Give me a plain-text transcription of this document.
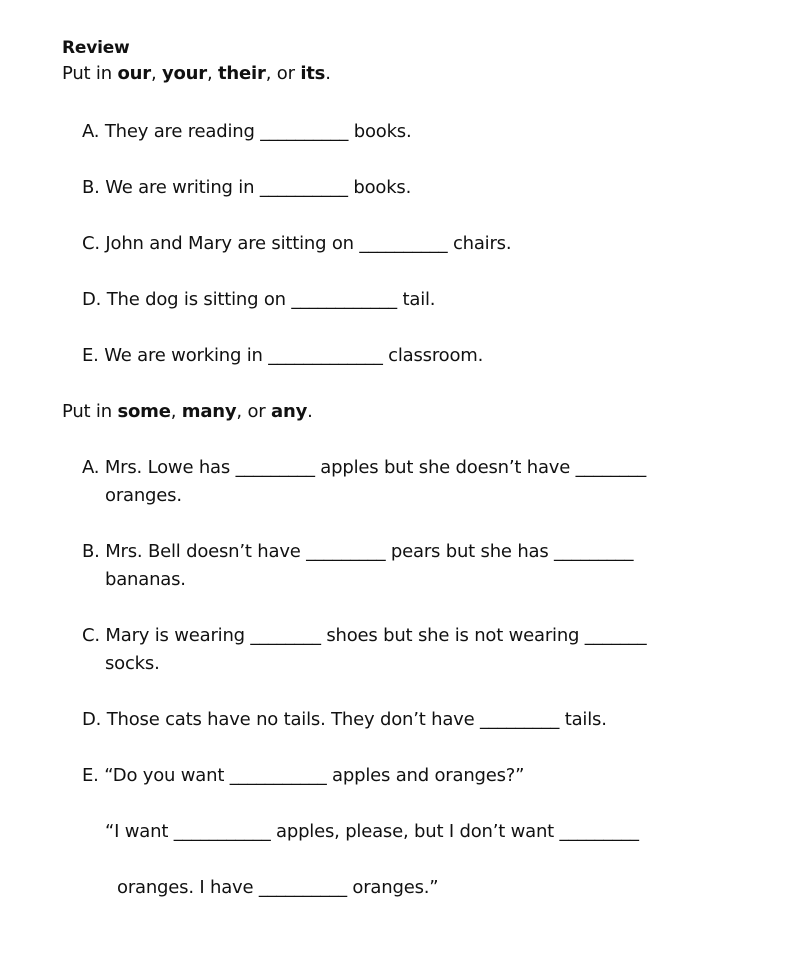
Review
Put in our, your, their, or its.
A. They are reading __________ books.
B. We are writing in __________ books.
C. John and Mary are sitting on __________ chairs.
D. The dog is sitting on ____________ tail.
E. We are working in _____________ classroom.
Put in some, many, or any.
A. Mrs. Lowe has _________ apples but she doesn’t have ________
oranges.
B. Mrs. Bell doesn’t have _________ pears but she has _________
bananas.
C. Mary is wearing ________ shoes but she is not wearing _______
socks.
D. Those cats have no tails. They don’t have _________ tails.
E. “Do you want ___________ apples and oranges?”
“I want ___________ apples, please, but I don’t want _________
oranges. I have __________ oranges.”
